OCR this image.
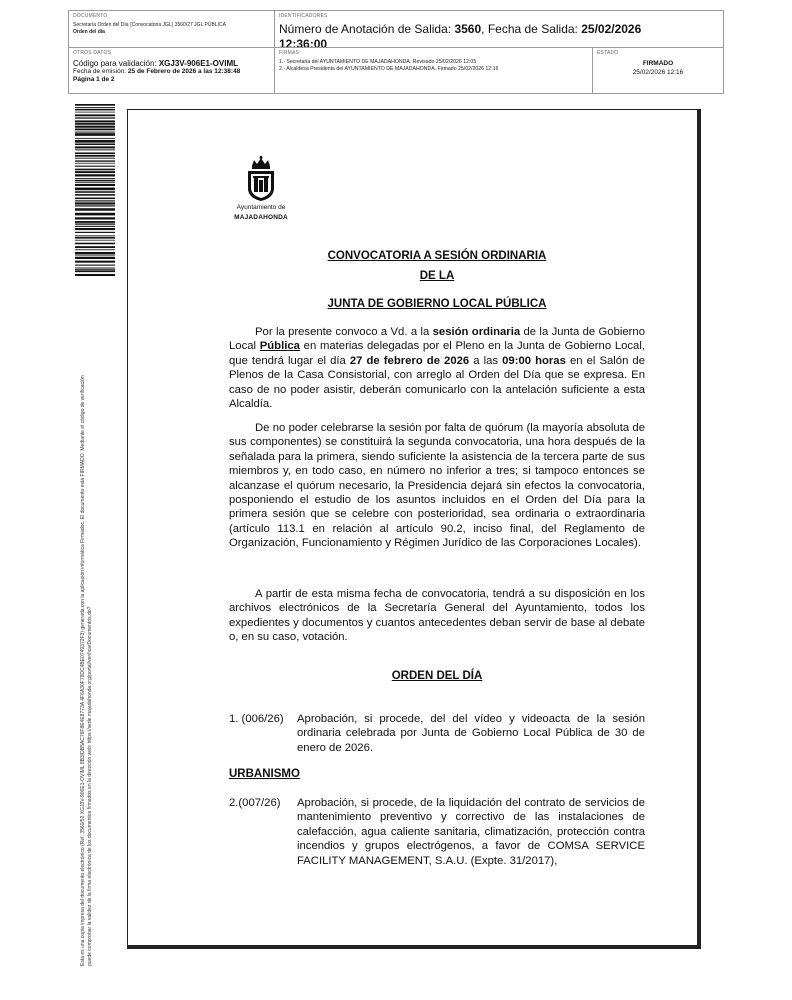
DOCUMENTO
Secretaría Orden del Día (Convocatoria JGL) 3560/27 JGL PÚBLICA
Orden del día
IDENTIFICADORES
Número de Anotación de Salida: 3560, Fecha de Salida: 25/02/2026
12:36:00
OTROS DATOS
Código para validación: XGJ3V-906E1-OVIML
Fecha de emisión: 25 de Febrero de 2026 a las 12:38:48
Página 1 de 2
FIRMAS
1.- Secretaria del AYUNTAMIENTO DE MAJADAHONDA. Revisado 25/02/2026 12:05
2.- Alcaldesa Presidenta del AYUNTAMIENTO DE MAJADAHONDA. Firmado 25/02/2026 12:16
ESTADO
FIRMADO
25/02/2026 12:16
Esta es una copia impresa del documento electrónico (Ref: 3560/52 XGJ3V-906E1-OVIML 8B3/DB5AC76F8E4E8773A 4F6A30F79DC4BE0749372F3) generada con la aplicación informática Firmadoc. El documento está FIRMADO. Mediante el código de verificación puede comprobar la validez de la firma electrónica de los documentos firmados en la dirección web: https://sede.majadahonda.org/portal/verificarDocumentos.do?
Ayuntamiento de
MAJADAHONDA
CONVOCATORIA A SESIÓN ORDINARIA
DE LA
JUNTA DE GOBIERNO LOCAL PÚBLICA
Por la presente convoco a Vd. a la sesión ordinaria de la Junta de Gobierno Local Pública en materias delegadas por el Pleno en la Junta de Gobierno Local, que tendrá lugar el día 27 de febrero de 2026 a las 09:00 horas en el Salón de Plenos de la Casa Consistorial, con arreglo al Orden del Día que se expresa. En caso de no poder asistir, deberán comunicarlo con la antelación suficiente a esta Alcaldía.
De no poder celebrarse la sesión por falta de quórum (la mayoría absoluta de sus componentes) se constituirá la segunda convocatoria, una hora después de la señalada para la primera, siendo suficiente la asistencia de la tercera parte de sus miembros y, en todo caso, en número no inferior a tres; si tampoco entonces se alcanzase el quórum necesario, la Presidencia dejará sin efectos la convocatoria, posponiendo el estudio de los asuntos incluidos en el Orden del Día para la primera sesión que se celebre con posterioridad, sea ordinaria o extraordinaria (artículo 113.1 en relación al artículo 90.2, inciso final, del Reglamento de Organización, Funcionamiento y Régimen Jurídico de las Corporaciones Locales).
A partir de esta misma fecha de convocatoria, tendrá a su disposición en los archivos electrónicos de la Secretaría General del Ayuntamiento, todos los expedientes y documentos y cuantos antecedentes deban servir de base al debate o, en su caso, votación.
ORDEN DEL DÍA
1. (006/26)	Aprobación, si procede, del del vídeo y videoacta de la sesión ordinaria celebrada por Junta de Gobierno Local Pública de 30 de enero de 2026.
URBANISMO
2.(007/26)	Aprobación, si procede, de la liquidación del contrato de servicios de mantenimiento preventivo y correctivo de las instalaciones de calefacción, agua caliente sanitaria, climatización, protección contra incendios y grupos electrógenos, a favor de COMSA SERVICE FACILITY MANAGEMENT, S.A.U. (Expte. 31/2017),
